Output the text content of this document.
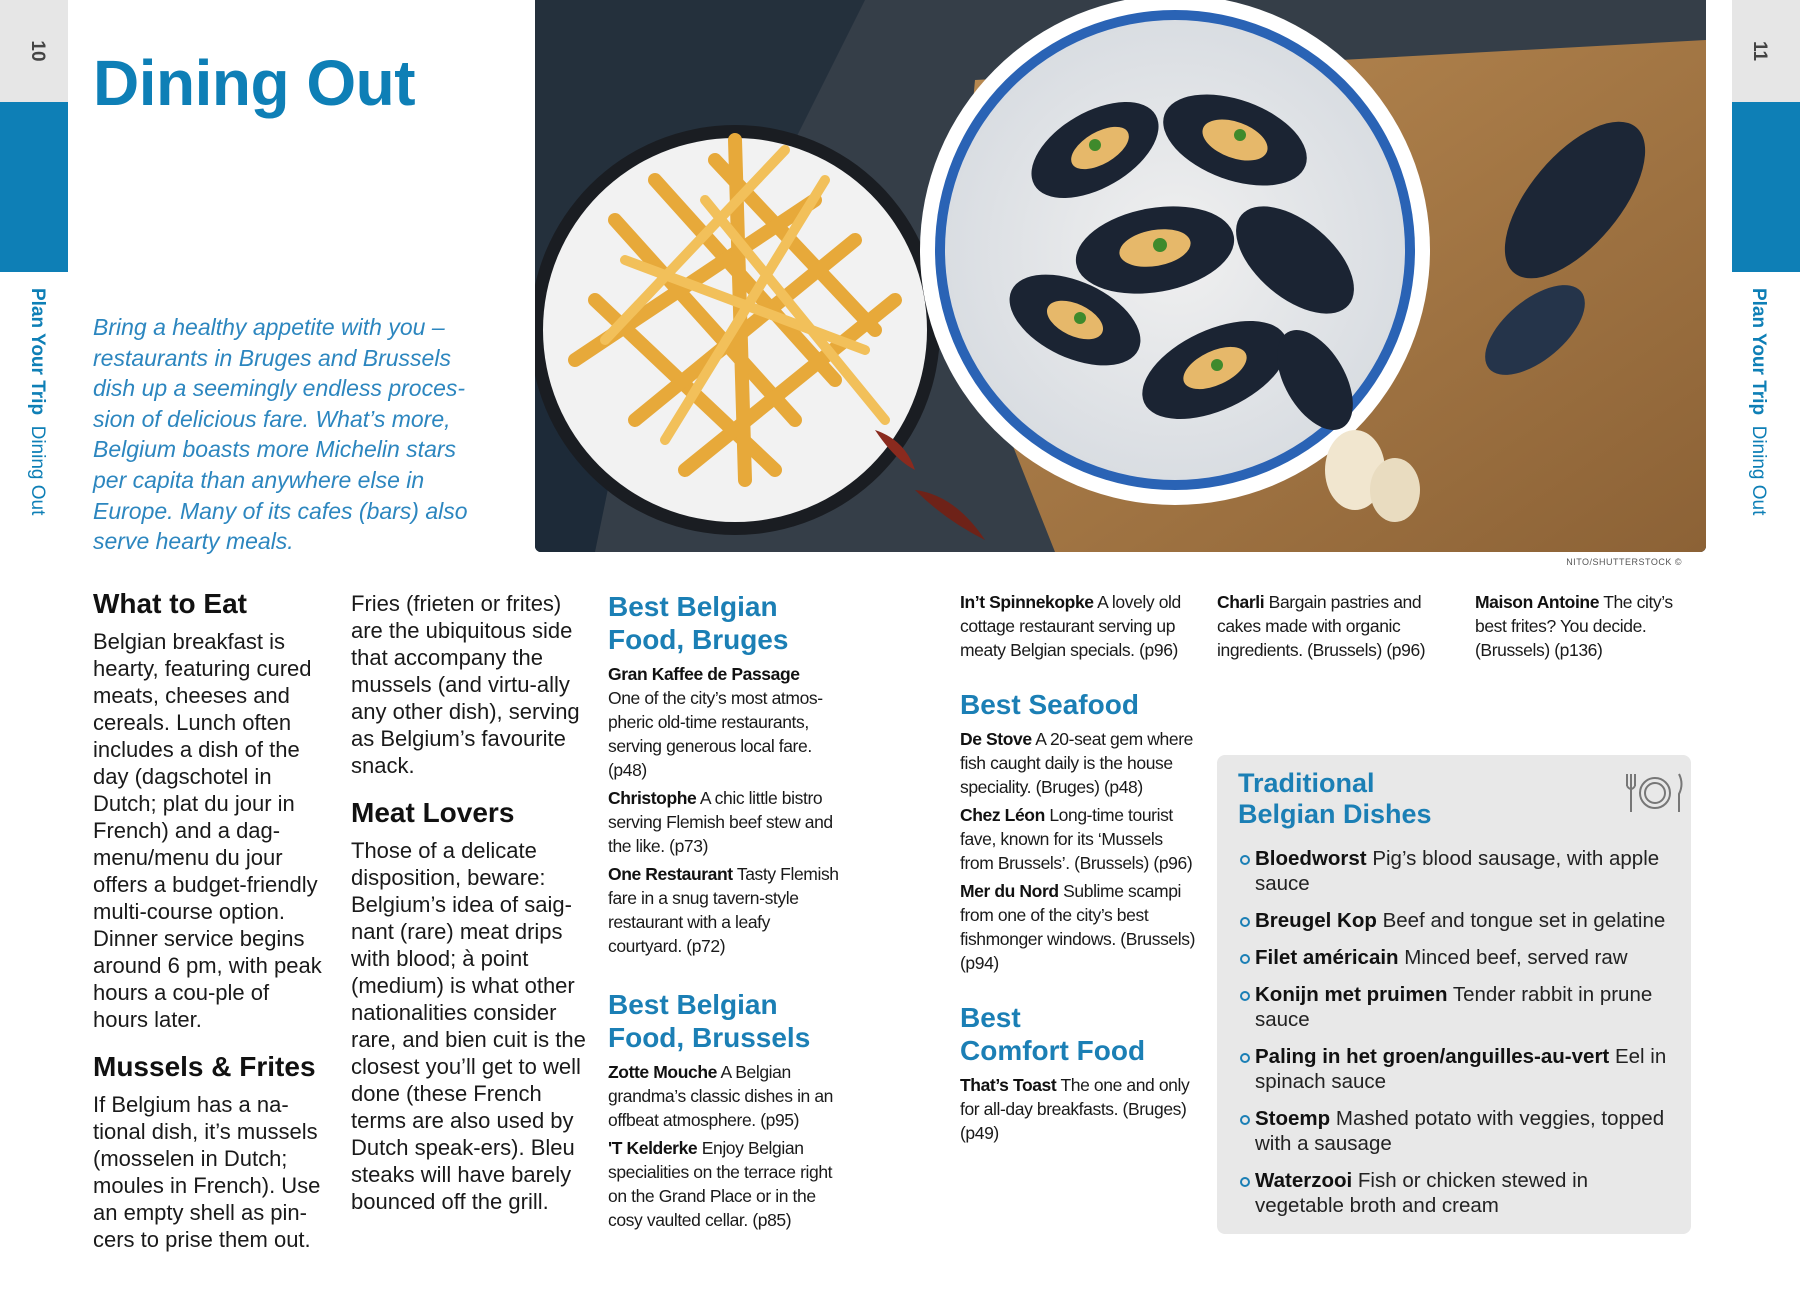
10
Plan Your Trip  Dining Out
11
Plan Your Trip  Dining Out
Dining Out
Bring a healthy appetite with you –
restaurants in Bruges and Brussels
dish up a seemingly endless proces-
sion of delicious fare. What’s more,
Belgium boasts more Michelin stars
per capita than anywhere else in
Europe. Many of its cafes (bars) also
serve hearty meals.
NITO/SHUTTERSTOCK ©
What to Eat

Belgian breakfast is hearty, featuring cured meats, cheeses and cereals. Lunch often includes a dish of the day (dagschotel in Dutch; plat du jour in French) and a dag-menu/menu du jour offers a budget-friendly multi-course option. Dinner service begins around 6 pm, with peak hours a cou-ple of hours later.

Mussels & Frites

If Belgium has a na-tional dish, it’s mussels (mosselen in Dutch; moules in French). Use an empty shell as pin-cers to prise them out.

Fries (frieten or frites) are the ubiquitous side that accompany the mussels (and virtu-ally any other dish), serving as Belgium’s favourite snack.

Meat Lovers

Those of a delicate disposition, beware: Belgium’s idea of saig-nant (rare) meat drips with blood; à point (medium) is what other nationalities consider rare, and bien cuit is the closest you’ll get to well done (these French terms are also used by Dutch speak-ers). Bleu steaks will have barely bounced off the grill.

Best Belgian
Food, Bruges

Gran Kaffee de Passage
One of the city’s most atmos-pheric old-time restaurants, serving generous local fare. (p48)

Christophe A chic little bistro serving Flemish beef stew and the like. (p73)

One Restaurant Tasty Flemish fare in a snug tavern-style restaurant with a leafy courtyard. (p72)

Best Belgian
Food, Brussels

Zotte Mouche A Belgian grandma’s classic dishes in an offbeat atmosphere. (p95)

'T Kelderke Enjoy Belgian specialities on the terrace right on the Grand Place or in the cosy vaulted cellar. (p85)

In’t Spinnekopke A lovely old cottage restaurant serving up meaty Belgian specials. (p96)

Best Seafood

De Stove A 20-seat gem where fish caught daily is the house speciality. (Bruges) (p48)

Chez Léon Long-time tourist fave, known for its ‘Mussels from Brussels’. (Brussels) (p96)

Mer du Nord Sublime scampi from one of the city’s best fishmonger windows. (Brussels) (p94)

Best
Comfort Food

That’s Toast The one and only for all-day breakfasts. (Bruges) (p49)

Charli Bargain pastries and cakes made with organic ingredients. (Brussels) (p96)

Maison Antoine The city’s best frites? You decide. (Brussels) (p136)

Traditional
Belgian Dishes
Bloedworst Pig’s blood sausage, with apple sauce
Breugel Kop Beef and tongue set in gelatine
Filet américain Minced beef, served raw
Konijn met pruimen Tender rabbit in prune sauce
Paling in het groen/anguilles-au-vert Eel in spinach sauce
Stoemp Mashed potato with veggies, topped with a sausage
Waterzooi Fish or chicken stewed in vegetable broth and cream
